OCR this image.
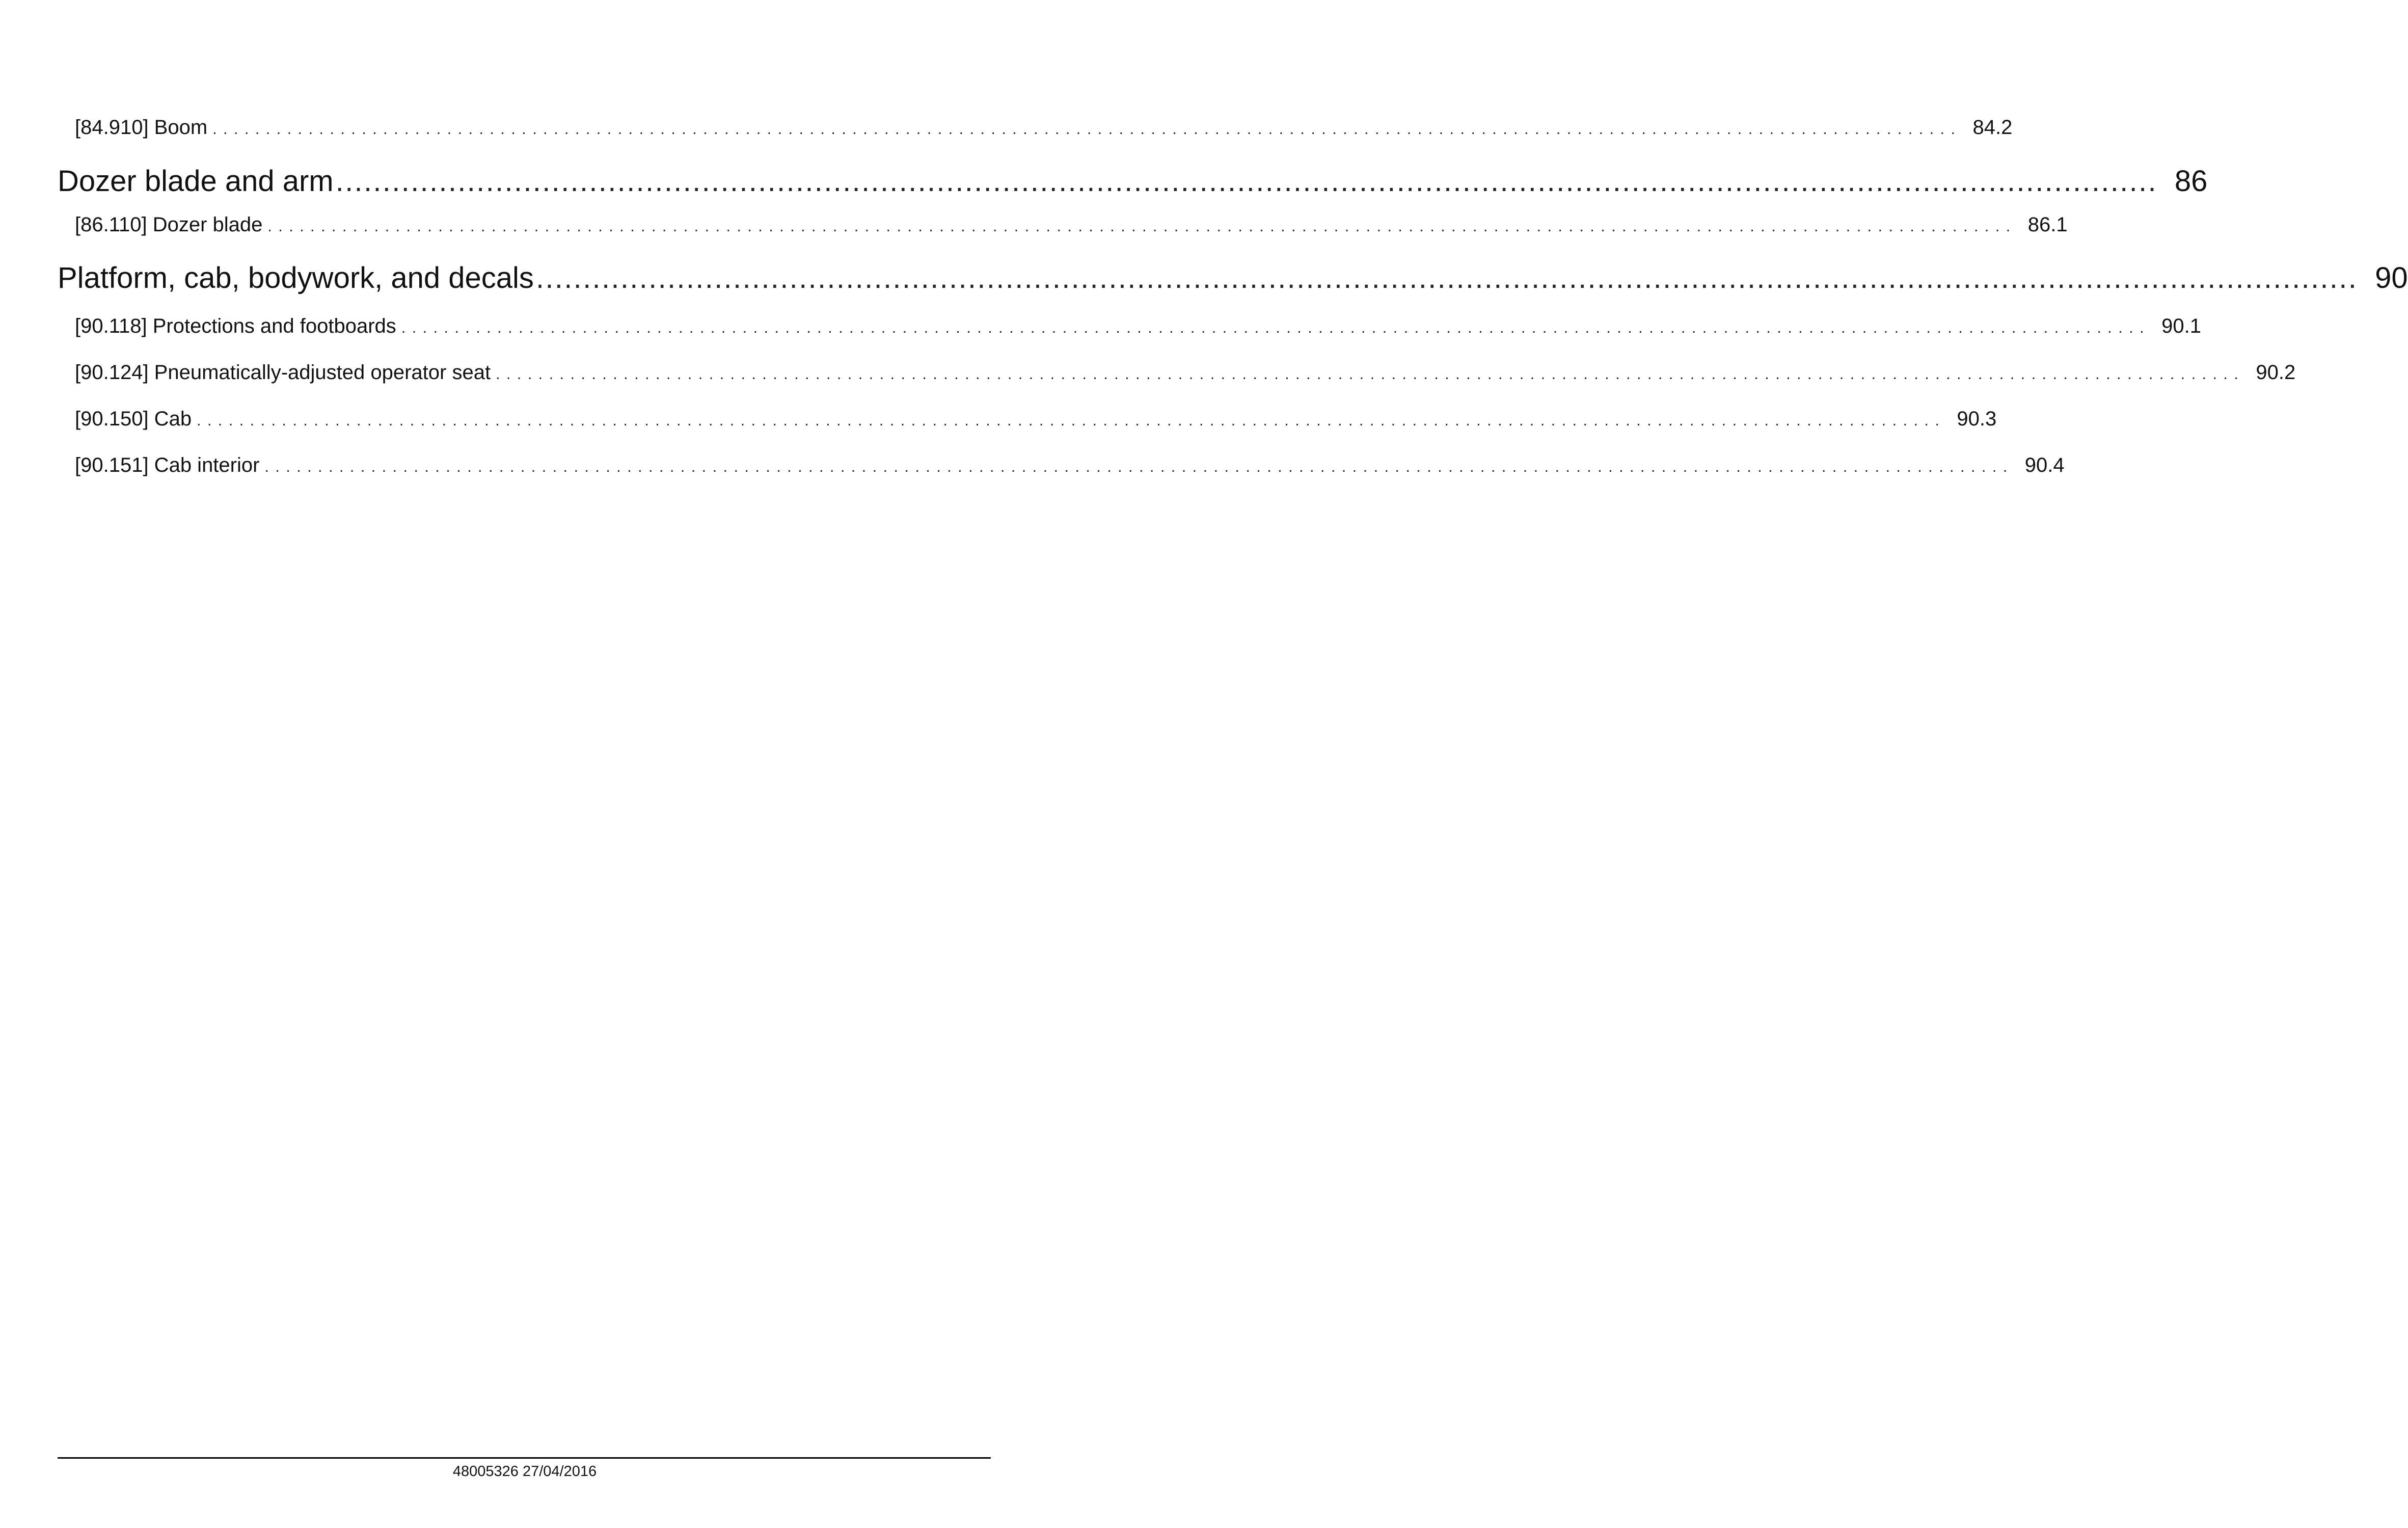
[84.910] Boom .................................................................................................................................................................... 84.2
Dozer blade and arm .................................................................................................................................................................................................. 86
[86.110] Dozer blade .................................................................................................................................................................... 86.1
Platform, cab, bodywork, and decals .................................................................................................................................................................................................. 90
[90.118] Protections and footboards .................................................................................................................................................................... 90.1
[90.124] Pneumatically-adjusted operator seat .................................................................................................................................................................... 90.2
[90.150] Cab .................................................................................................................................................................... 90.3
[90.151] Cab interior .................................................................................................................................................................... 90.4
48005326 27/04/2016
